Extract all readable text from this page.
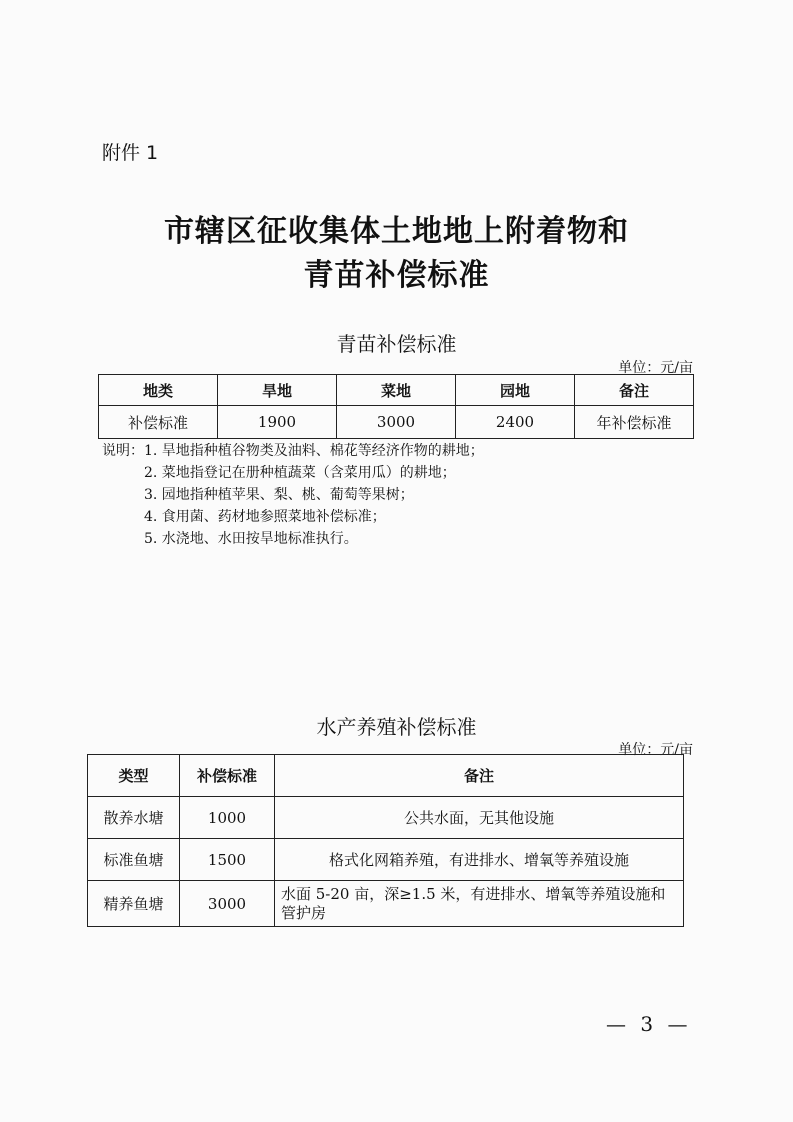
附件 1
市辖区征收集体土地地上附着物和
青苗补偿标准
青苗补偿标准
单位：元/亩
地类	旱地	菜地	园地	备注
补偿标准	1900	3000	2400	年补偿标准
说明：1. 旱地指种植谷物类及油料、棉花等经济作物的耕地；
2. 菜地指登记在册种植蔬菜（含菜用瓜）的耕地；
3. 园地指种植苹果、梨、桃、葡萄等果树；
4. 食用菌、药材地参照菜地补偿标准；
5. 水浇地、水田按旱地标准执行。
水产养殖补偿标准
单位：元/亩
类型	补偿标准	备注
散养水塘	1000	公共水面，无其他设施
标准鱼塘	1500	格式化网箱养殖，有进排水、增氧等养殖设施
精养鱼塘	3000	水面 5-20 亩，深≥1.5 米，有进排水、增氧等养殖设施和管护房
— 3 —
